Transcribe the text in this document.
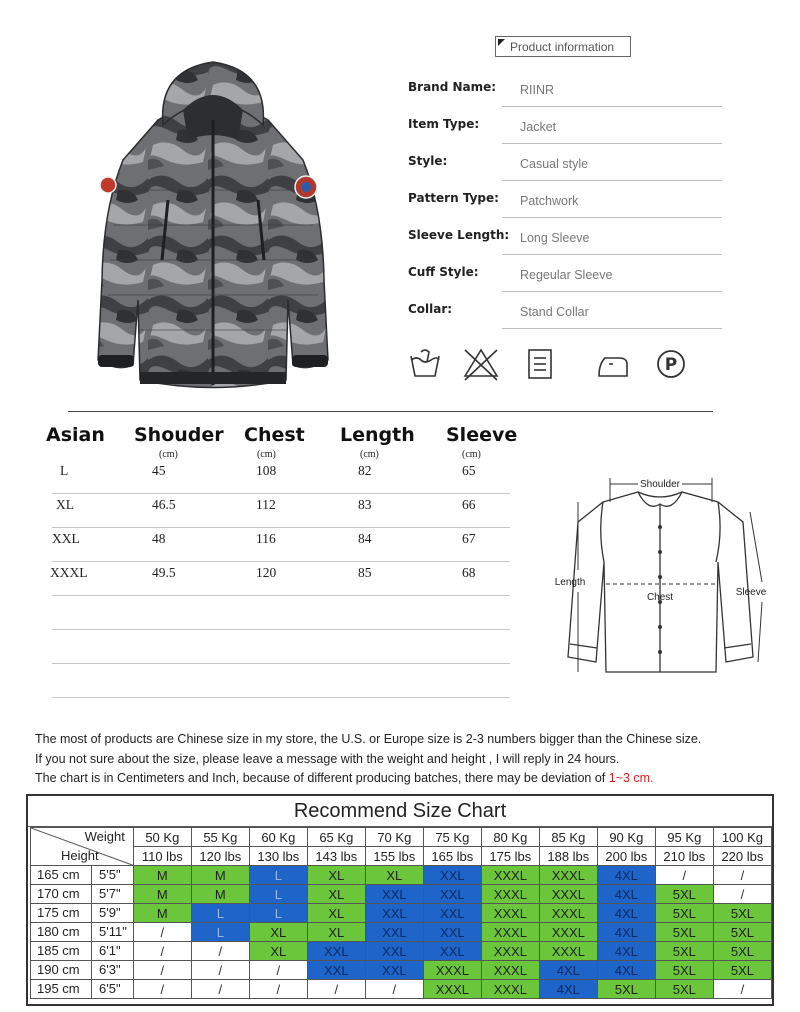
Product information
Brand Name: RIINR
Item Type:	Jacket
Style:	Casual style
Pattern Type: Patchwork
Sleeve Length: Long Sleeve
Cuff Style:	Regeular Sleeve
Collar:	Stand Collar
P
Asian Shouder Chest Length Sleeve
(cm)	(cm)	(cm)	(cm)
L	45	108	82	65
XL	46.5	112	83	66
XXL	48	116	84	67
XXXL	49.5	120	85	68
Shoulder
Length
Chest	Sleeve
The most of products are Chinese size in my store, the U.S. or Europe size is 2-3 numbers bigger than the Chinese size.
If you not sure about the size, please leave a message with the weight and height , I will reply in 24 hours.
The chart is in Centimeters and Inch, because of different producing batches, there may be deviation of 1~3 cm.
Recommend Size Chart
Weight
Height	50 Kg	55 Kg	60 Kg	65 Kg	70 Kg	75 Kg	80 Kg	85 Kg	90 Kg	95 Kg	100 Kg
	110 lbs	120 lbs	130 lbs	143 lbs	155 lbs	165 lbs	175 lbs	188 lbs	200 lbs	210 lbs	220 lbs

165 cm 5'5"	M	M	L	XL	XL	XXL	XXXL	XXXL	4XL	/	/

170 cm 5'7"	M	M	L	XL	XXL	XXL	XXXL	XXXL	4XL	5XL	/

175 cm 5'9"	M	L	L	XL	XXL	XXL	XXXL	XXXL	4XL	5XL	5XL

180 cm 5'11"	/	L	XL	XL	XXL	XXL	XXXL	XXXL	4XL	5XL	5XL

185 cm 6'1"	/	/	XL	XXL	XXL	XXL	XXXL	XXXL	4XL	5XL	5XL

190 cm 6'3"	/	/	/	XXL	XXL	XXXL	XXXL	4XL	4XL	5XL	5XL

195 cm 6'5"	/	/	/	/	/	XXXL	XXXL	4XL	5XL	5XL	/
